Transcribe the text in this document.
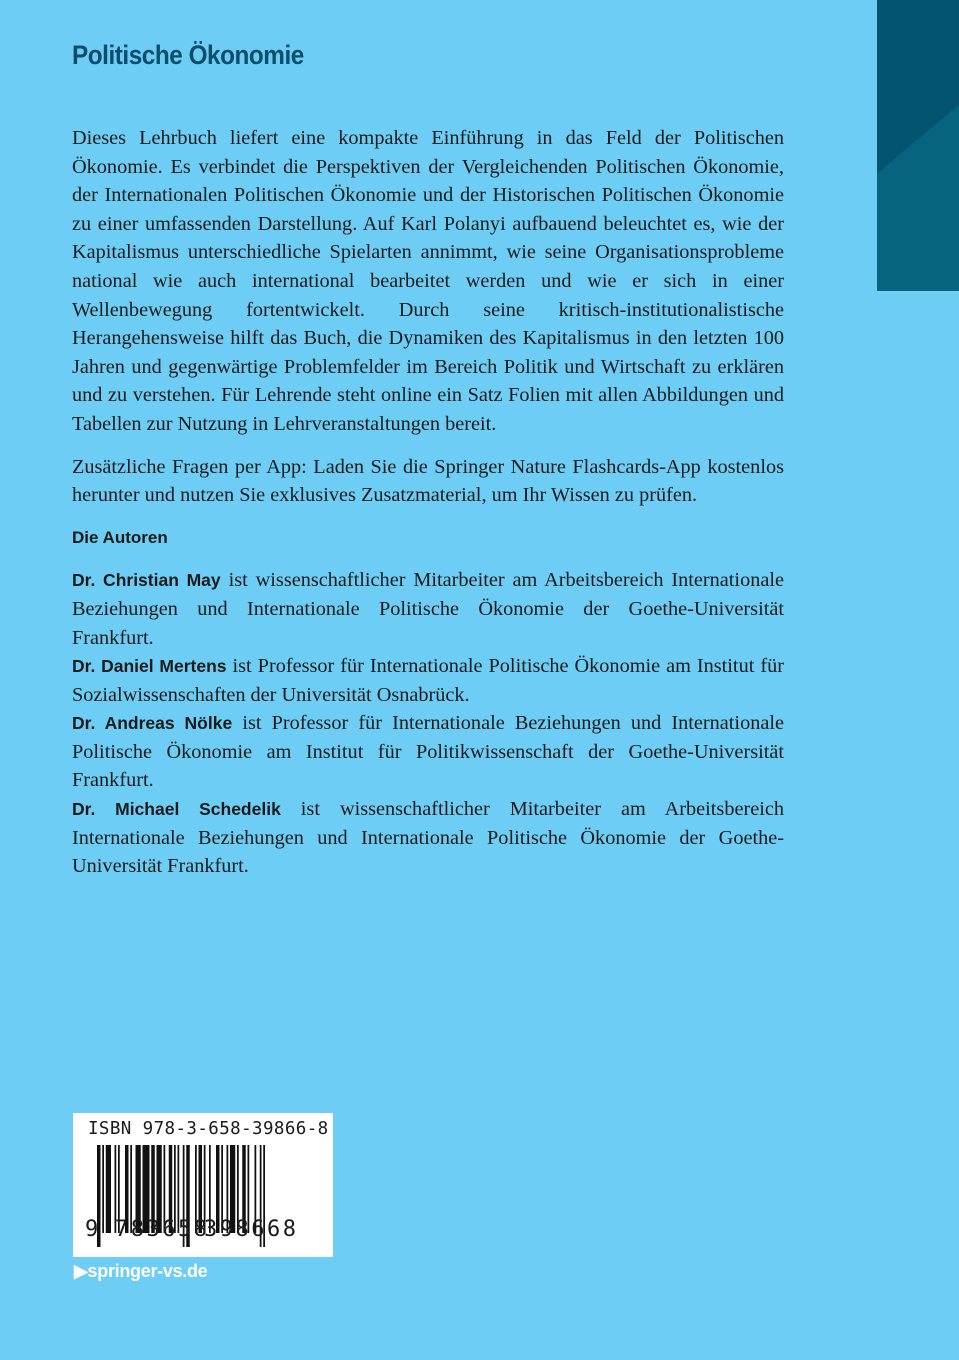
Politische Ökonomie

Dieses Lehrbuch liefert eine kompakte Einführung in das Feld der Politischen Ökonomie. Es verbindet die Perspektiven der Vergleichenden Politischen Ökonomie, der Internationalen Politischen Ökonomie und der Historischen Politischen Ökonomie zu einer umfassenden Darstellung. Auf Karl Polanyi aufbauend beleuchtet es, wie der Kapitalismus unterschiedliche Spielarten annimmt, wie seine Organisationsprobleme national wie auch international bearbeitet werden und wie er sich in einer Wellenbewegung fortentwickelt. Durch seine kritisch-institutionalistische Herangehensweise hilft das Buch, die Dynamiken des Kapitalismus in den letzten 100 Jahren und gegenwärtige Problemfelder im Bereich Politik und Wirtschaft zu erklären und zu verstehen. Für Lehrende steht online ein Satz Folien mit allen Abbildungen und Tabellen zur Nutzung in Lehrveranstaltungen bereit.

Zusätzliche Fragen per App: Laden Sie die Springer Nature Flashcards-App kostenlos herunter und nutzen Sie exklusives Zusatzmaterial, um Ihr Wissen zu prüfen.

Die Autoren

Dr. Christian May ist wissenschaftlicher Mitarbeiter am Arbeitsbereich Internationale Beziehungen und Internationale Politische Ökonomie der Goethe-Universität Frankfurt.

Dr. Daniel Mertens ist Professor für Internationale Politische Ökonomie am Institut für Sozialwissenschaften der Universität Osnabrück.

Dr. Andreas Nölke ist Professor für Internationale Beziehungen und Internationale Politische Ökonomie am Institut für Politikwissenschaft der Goethe-Universität Frankfurt.

Dr. Michael Schedelik ist wissenschaftlicher Mitarbeiter am Arbeitsbereich Internationale Beziehungen und Internationale Politische Ökonomie der Goethe-Universität Frankfurt.

ISBN 978-3-658-39866-8
9 783658
398668
▶springer-vs.de
